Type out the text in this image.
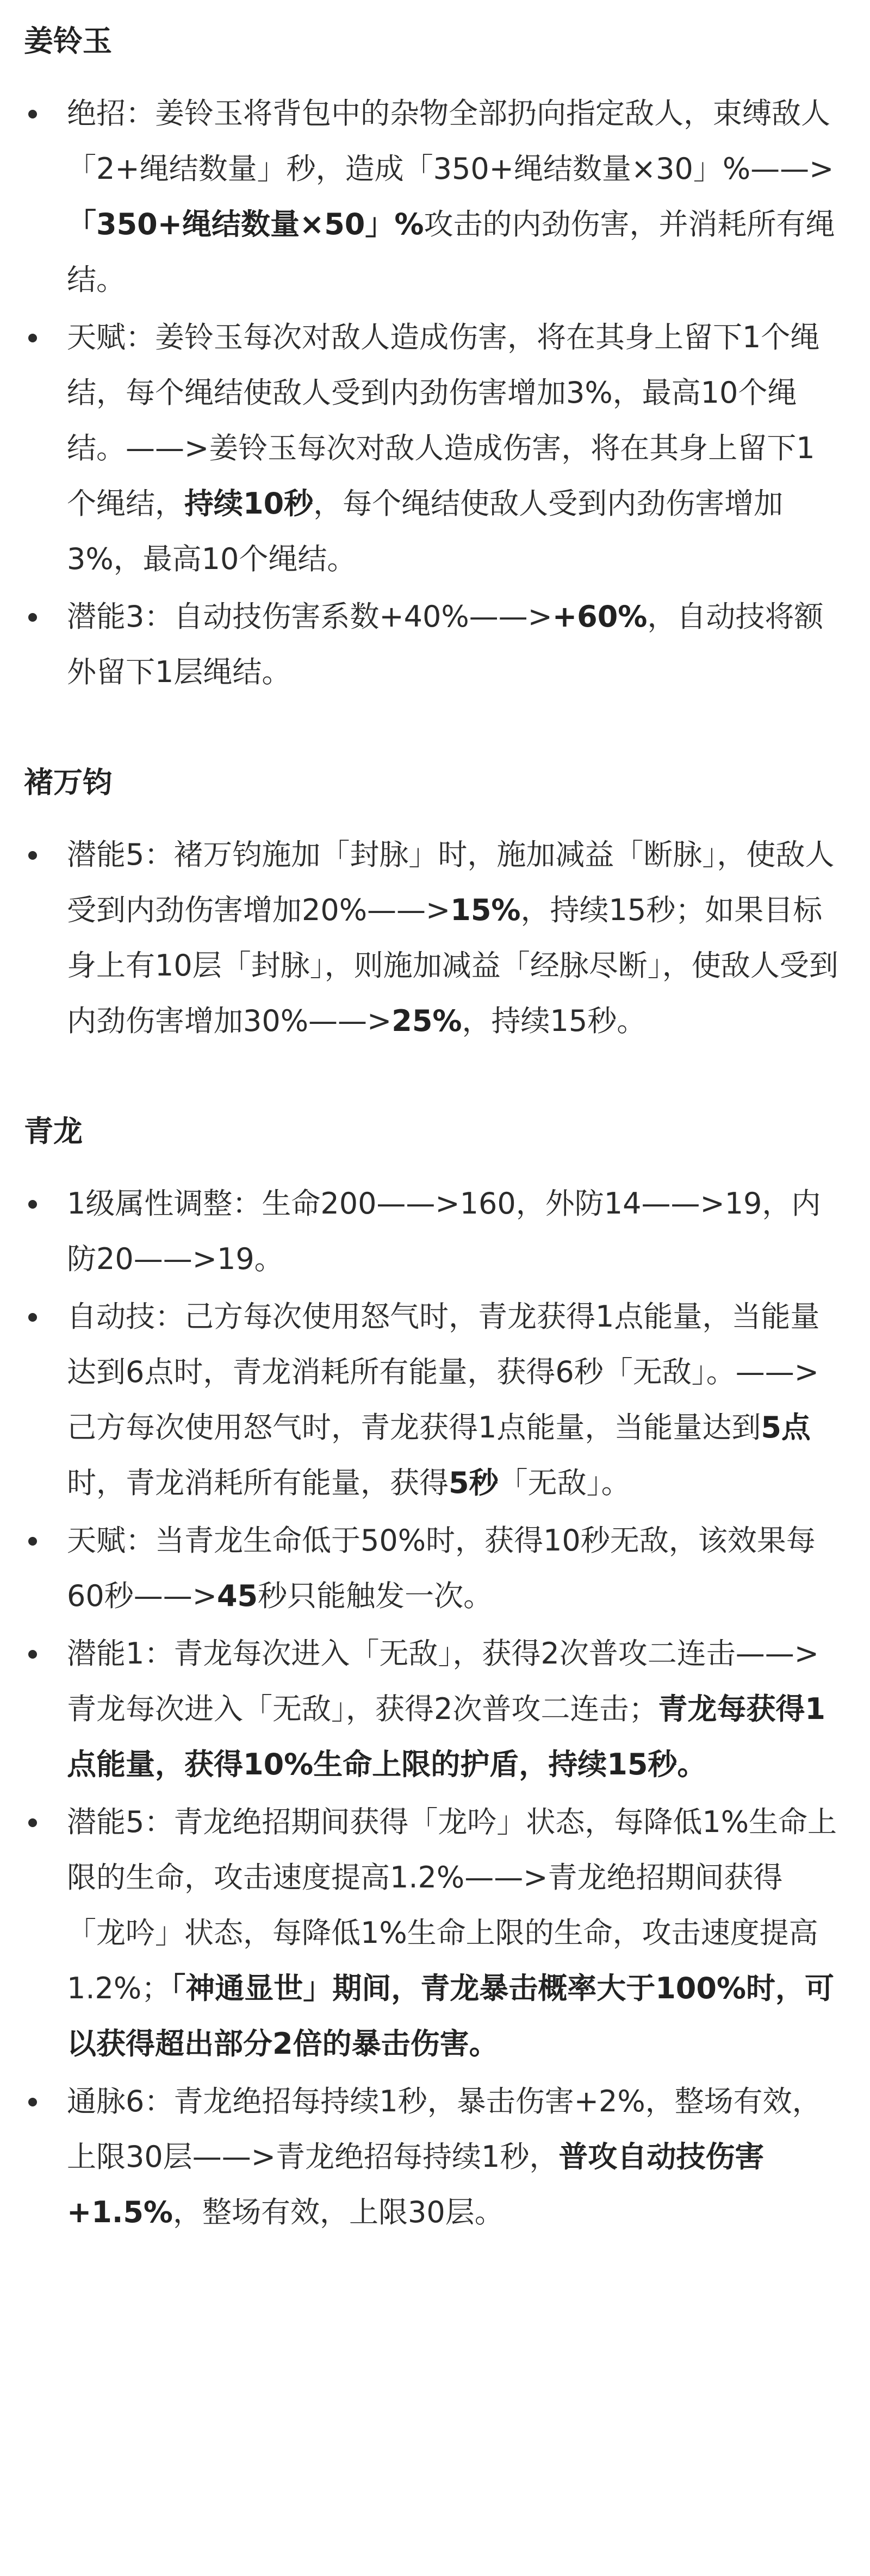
姜铃玉
绝招：姜铃玉将背包中的杂物全部扔向指定敌人，束缚敌人「2+绳结数量」秒，造成「350+绳结数量×30」%——>「350+绳结数量×50」%攻击的内劲伤害，并消耗所有绳结。
天赋：姜铃玉每次对敌人造成伤害，将在其身上留下1个绳结，每个绳结使敌人受到内劲伤害增加3%，最高10个绳结。——>姜铃玉每次对敌人造成伤害，将在其身上留下1个绳结，持续10秒，每个绳结使敌人受到内劲伤害增加3%，最高10个绳结。
潜能3：自动技伤害系数+40%——>+60%，自动技将额外留下1层绳结。
褚万钧
潜能5：褚万钧施加「封脉」时，施加减益「断脉」，使敌人受到内劲伤害增加20%——>15%，持续15秒；如果目标身上有10层「封脉」，则施加减益「经脉尽断」，使敌人受到内劲伤害增加30%——>25%，持续15秒。
青龙
1级属性调整：生命200——>160，外防14——>19，内防20——>19。
自动技：己方每次使用怒气时，青龙获得1点能量，当能量达到6点时，青龙消耗所有能量，获得6秒「无敌」。——>己方每次使用怒气时，青龙获得1点能量，当能量达到5点时，青龙消耗所有能量，获得5秒「无敌」。
天赋：当青龙生命低于50%时，获得10秒无敌，该效果每60秒——>45秒只能触发一次。
潜能1：青龙每次进入「无敌」，获得2次普攻二连击——>青龙每次进入「无敌」，获得2次普攻二连击；青龙每获得1点能量，获得10%生命上限的护盾，持续15秒。
潜能5：青龙绝招期间获得「龙吟」状态，每降低1%生命上限的生命，攻击速度提高1.2%——>青龙绝招期间获得「龙吟」状态，每降低1%生命上限的生命，攻击速度提高1.2%；「神通显世」期间，青龙暴击概率大于100%时，可以获得超出部分2倍的暴击伤害。
通脉6：青龙绝招每持续1秒，暴击伤害+2%，整场有效，上限30层——>青龙绝招每持续1秒，普攻自动技伤害+1.5%，整场有效，上限30层。
